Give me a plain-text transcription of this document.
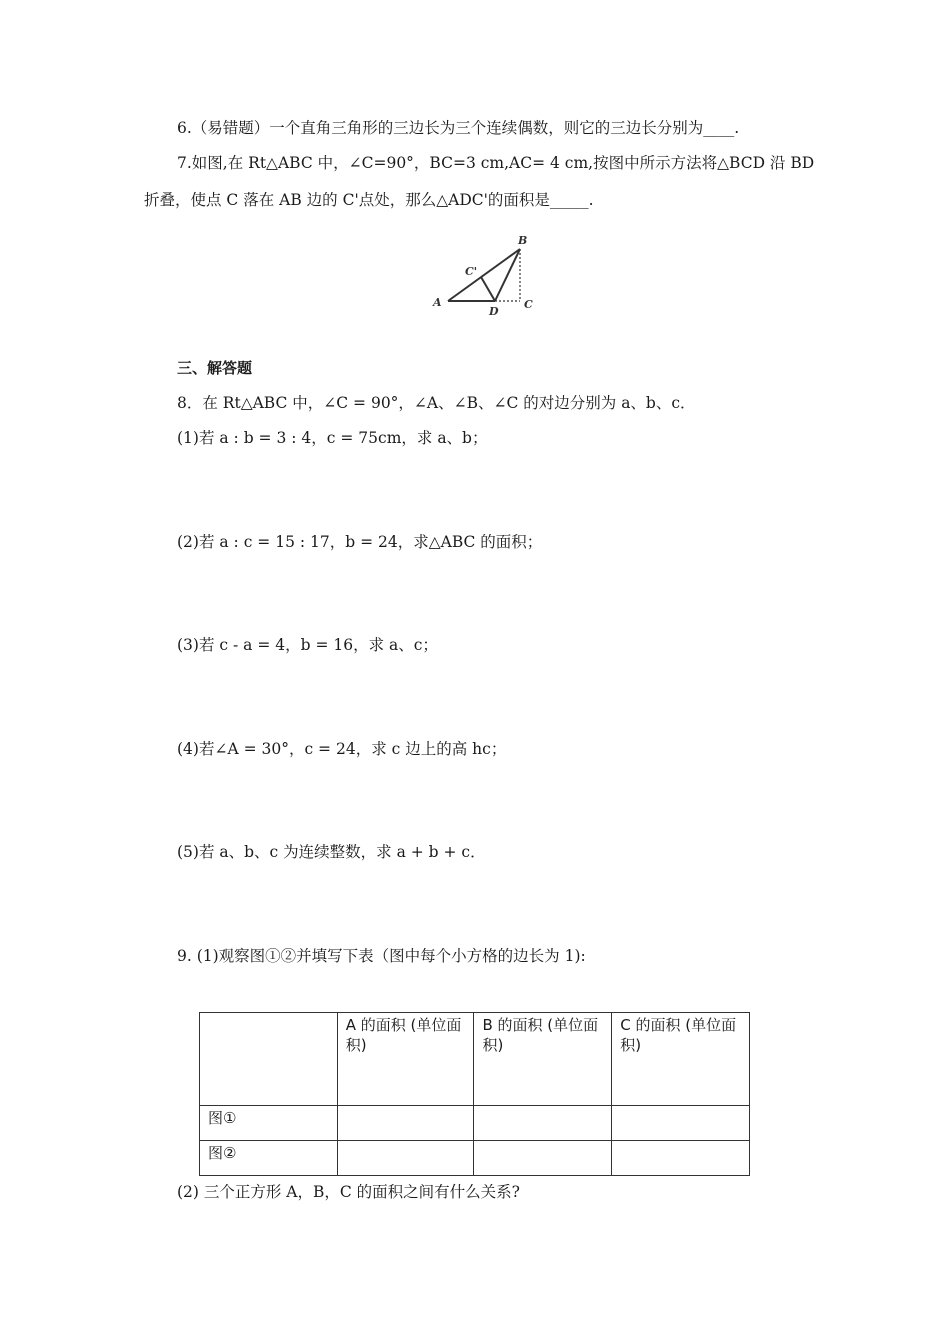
6.（易错题）一个直角三角形的三边长为三个连续偶数，则它的三边长分别为____.
7.如图,在 Rt△ABC 中，∠C=90°，BC=3 cm,AC= 4 cm,按图中所示方法将△BCD 沿 BD
折叠，使点 C 落在 AB 边的 C'点处，那么△ADC'的面积是_____.
B
C'
A
D
C
三、解答题
8．在 Rt△ABC 中，∠C = 90°，∠A、∠B、∠C 的对边分别为 a、b、c．
(1)若 a : b = 3 : 4，c = 75cm，求 a、b；
(2)若 a : c = 15 : 17，b = 24，求△ABC 的面积；
(3)若 c - a = 4，b = 16，求 a、c；
(4)若∠A = 30°，c = 24，求 c 边上的高 hc；
(5)若 a、b、c 为连续整数，求 a + b + c．
9. (1)观察图①②并填写下表（图中每个小方格的边长为 1):
	A 的面积 (单位面积)	B 的面积 (单位面积)	C 的面积 (单位面积)
图①			
图②			
(2) 三个正方形 A，B，C 的面积之间有什么关系?
